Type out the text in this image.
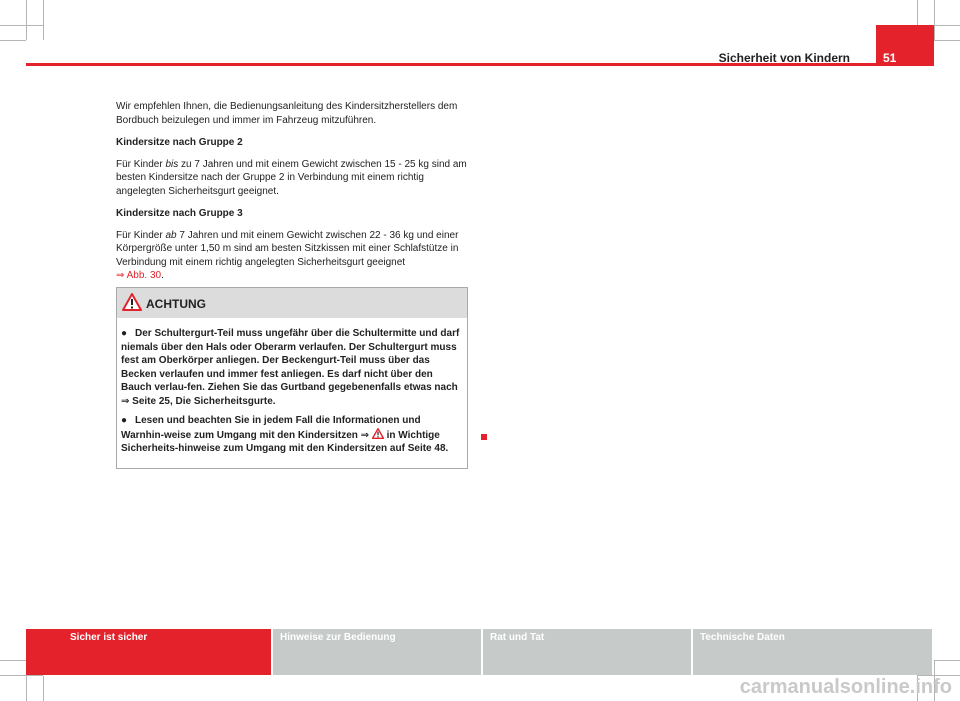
Sicherheit von Kindern	51

Wir empfehlen Ihnen, die Bedienungsanleitung des Kindersitzherstellers dem Bordbuch beizulegen und immer im Fahrzeug mitzuführen.

Kindersitze nach Gruppe 2

Für Kinder bis zu 7 Jahren und mit einem Gewicht zwischen 15 - 25 kg sind am besten Kindersitze nach der Gruppe 2 in Verbindung mit einem richtig angelegten Sicherheitsgurt geeignet.

Kindersitze nach Gruppe 3

Für Kinder ab 7 Jahren und mit einem Gewicht zwischen 22 - 36 kg und einer Körpergröße unter 1,50 m sind am besten Sitzkissen mit einer Schlafstütze in Verbindung mit einem richtig angelegten Sicherheitsgurt geeignet
⇒ Abb. 30.

ACHTUNG

● Der Schultergurt-Teil muss ungefähr über die Schultermitte und darf niemals über den Hals oder Oberarm verlaufen. Der Schultergurt muss fest am Oberkörper anliegen. Der Beckengurt-Teil muss über das Becken verlaufen und immer fest anliegen. Es darf nicht über den Bauch verlau-fen. Ziehen Sie das Gurtband gegebenenfalls etwas nach ⇒ Seite 25, Die Sicherheitsgurte.

● Lesen und beachten Sie in jedem Fall die Informationen und Warnhin-weise zum Umgang mit den Kindersitzen ⇒  in Wichtige Sicherheits-hinweise zum Umgang mit den Kindersitzen auf Seite 48.

Sicher ist sicher	Hinweise zur Bedienung	Rat und Tat	Technische Daten
carmanualsonline.info
